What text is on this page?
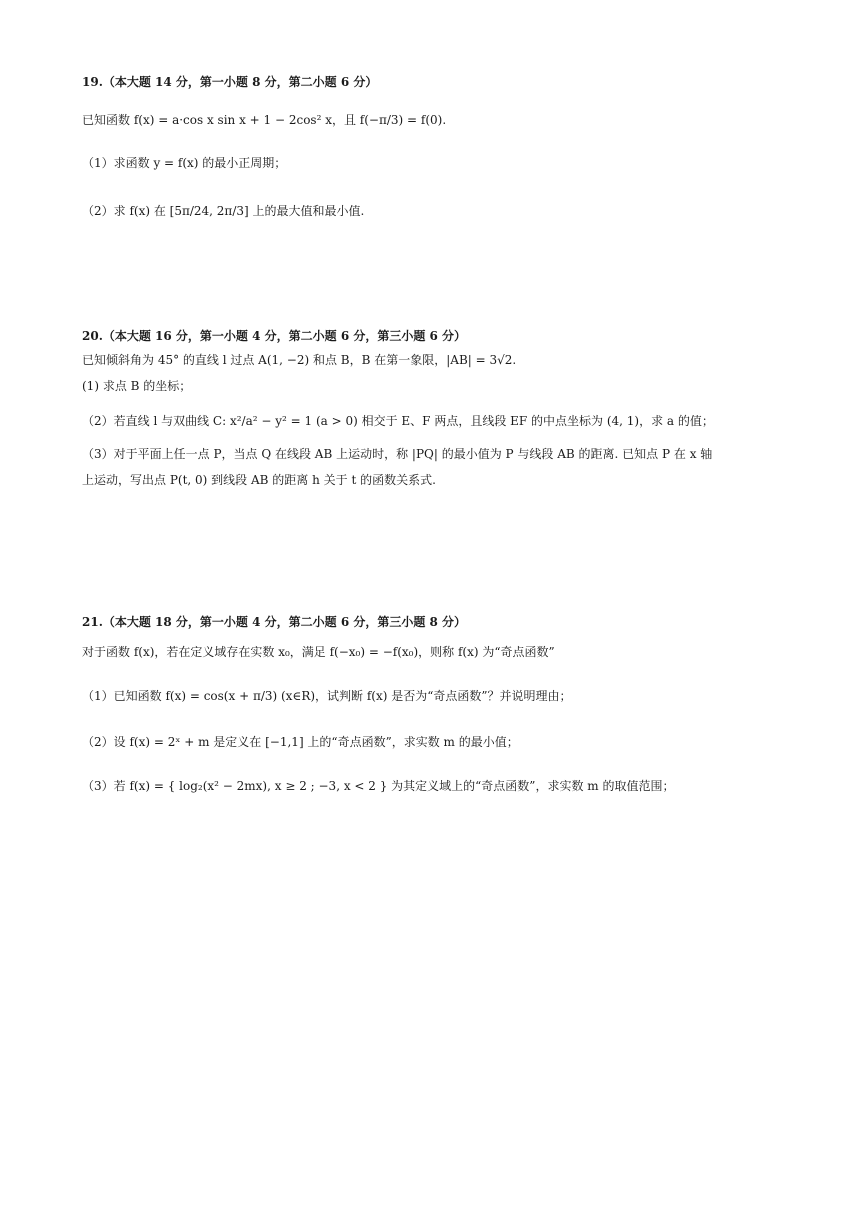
19.（本大题 14 分，第一小题 8 分，第二小题 6 分）
已知函数 f(x) = a·cos x sin x + 1 − 2cos² x，且 f(−π/3) = f(0).
（1）求函数 y = f(x) 的最小正周期；
（2）求 f(x) 在 [5π/24, 2π/3] 上的最大值和最小值.
20.（本大题 16 分，第一小题 4 分，第二小题 6 分，第三小题 6 分）
已知倾斜角为 45° 的直线 l 过点 A(1, −2) 和点 B，B 在第一象限，|AB| = 3√2.
(1) 求点 B 的坐标；
（2）若直线 l 与双曲线 C: x²/a² − y² = 1 (a > 0) 相交于 E、F 两点，且线段 EF 的中点坐标为 (4, 1)，求 a 的值；
（3）对于平面上任一点 P，当点 Q 在线段 AB 上运动时，称 |PQ| 的最小值为 P 与线段 AB 的距离. 已知点 P 在 x 轴
上运动，写出点 P(t, 0) 到线段 AB 的距离 h 关于 t 的函数关系式.
21.（本大题 18 分，第一小题 4 分，第二小题 6 分，第三小题 8 分）
对于函数 f(x)，若在定义域存在实数 x₀，满足 f(−x₀) = −f(x₀)，则称 f(x) 为“奇点函数”
（1）已知函数 f(x) = cos(x + π/3) (x∈R)，试判断 f(x) 是否为“奇点函数”？并说明理由；
（2）设 f(x) = 2ˣ + m 是定义在 [−1,1] 上的“奇点函数”，求实数 m 的最小值；
（3）若 f(x) = { log₂(x² − 2mx), x ≥ 2 ; −3, x < 2 } 为其定义域上的“奇点函数”，求实数 m 的取值范围；
